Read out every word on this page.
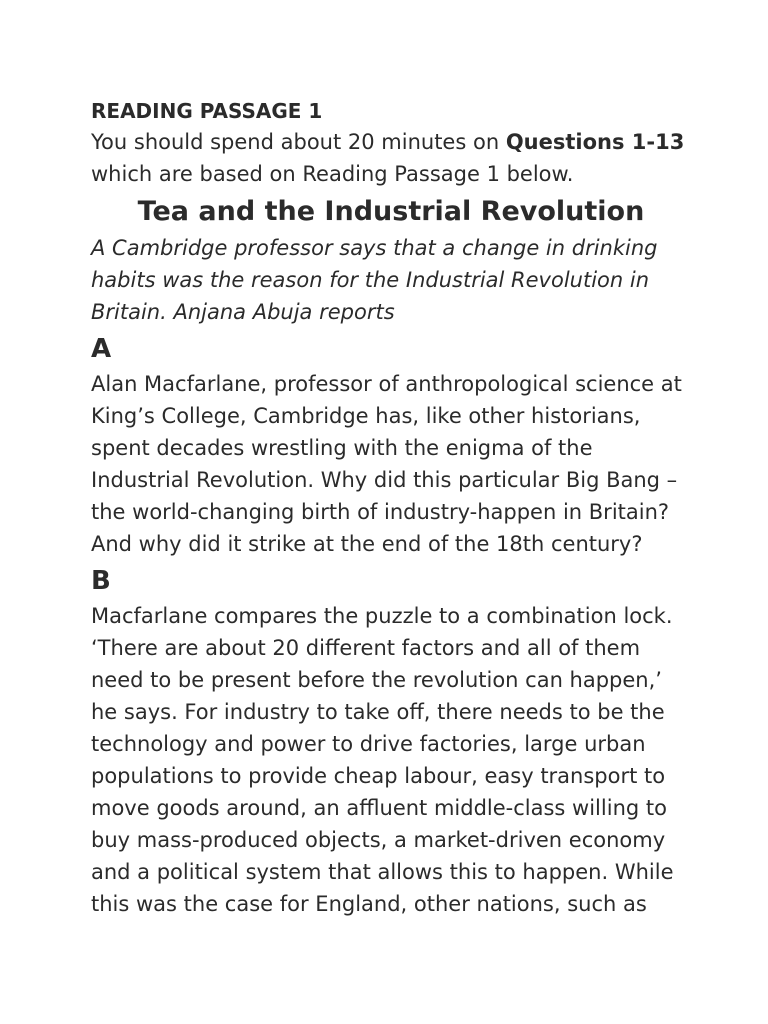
READING PASSAGE 1

You should spend about 20 minutes on Questions 1-13 which are based on Reading Passage 1 below.

Tea and the Industrial Revolution

A Cambridge professor says that a change in drinking habits was the reason for the Industrial Revolution in Britain. Anjana Abuja reports

A

Alan Macfarlane, professor of anthropological science at King’s College, Cambridge has, like other historians, spent decades wrestling with the enigma of the Industrial Revolution. Why did this particular Big Bang – the world-changing birth of industry-happen in Britain? And why did it strike at the end of the 18th century?

B

Macfarlane compares the puzzle to a combination lock. ‘There are about 20 different factors and all of them need to be present before the revolution can happen,’ he says. For industry to take off, there needs to be the technology and power to drive factories, large urban populations to provide cheap labour, easy transport to move goods around, an affluent middle-class willing to buy mass-produced objects, a market-driven economy and a political system that allows this to happen. While this was the case for England, other nations, such as
